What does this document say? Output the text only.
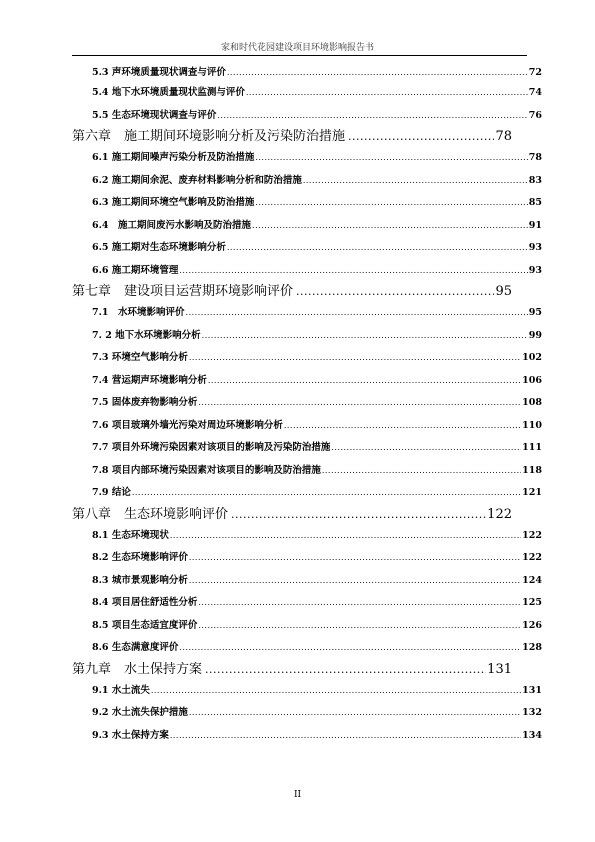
家和时代花园建设项目环境影响报告书
5.3 声环境质量现状调查与评价 .....	72
5.4 地下水环境质量现状监测与评价 .....	74
5.5 生态环境现状调查与评价 .....	76
第六章　施工期间环境影响分析及污染防治措施 .....	78
6.1 施工期间噪声污染分析及防治措施 .....	78
6.2 施工期间余泥、废弃材料影响分析和防治措施 .....	83
6.3 施工期间环境空气影响及防治措施 .....	85
6.4　施工期间废污水影响及防治措施 .....	91
6.5 施工期对生态环境影响分析 .....	93
6.6 施工期环境管理 .....	93
第七章　建设项目运营期环境影响评价 .....	95
7.1　水环境影响评价 .....	95
7. 2 地下水环境影响分析 .....	99
7.3 环境空气影响分析 .....	102
7.4 营运期声环境影响分析 .....	106
7.5 固体废弃物影响分析 .....	108
7.6 项目玻璃外墙光污染对周边环境影响分析 .....	110
7.7 项目外环境污染因素对该项目的影响及污染防治措施 .....	111
7.8 项目内部环境污染因素对该项目的影响及防治措施 .....	118
7.9 结论 .....	121
第八章　生态环境影响评价 .....	122
8.1 生态环境现状 .....	122
8.2 生态环境影响评价 .....	122
8.3 城市景观影响分析 .....	124
8.4 项目居住舒适性分析 .....	125
8.5 项目生态适宜度评价 .....	126
8.6 生态满意度评价 .....	128
第九章　水土保持方案 .....	131
9.1 水土流失 .....	131
9.2 水土流失保护措施 .....	132
9.3 水土保持方案 .....	134
II
